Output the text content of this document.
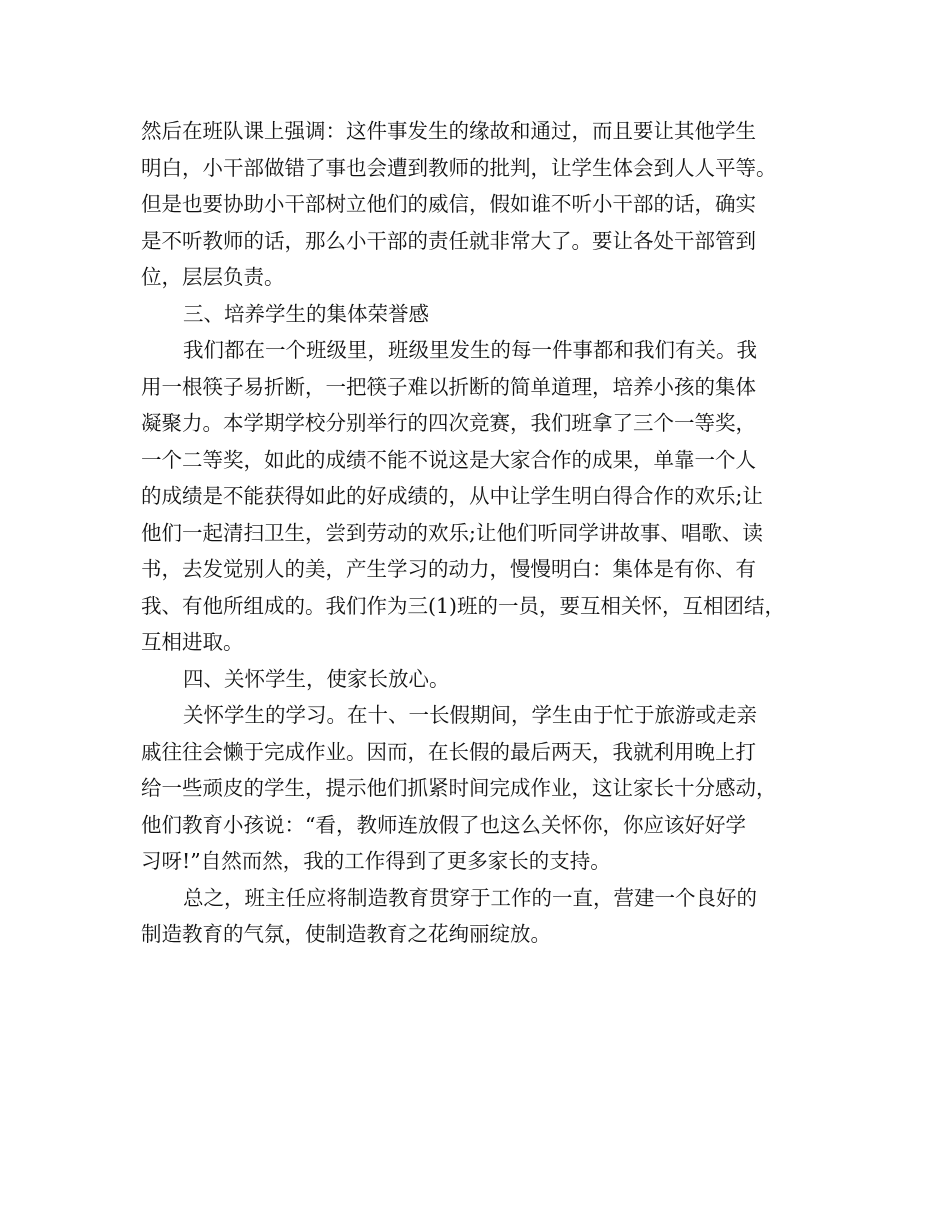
然后在班队课上强调：这件事发生的缘故和通过，而且要让其他学生
明白，小干部做错了事也会遭到教师的批判，让学生体会到人人平等。
但是也要协助小干部树立他们的威信，假如谁不听小干部的话，确实
是不听教师的话，那么小干部的责任就非常大了。要让各处干部管到
位，层层负责。
三、培养学生的集体荣誉感
我们都在一个班级里，班级里发生的每一件事都和我们有关。我
用一根筷子易折断，一把筷子难以折断的简单道理，培养小孩的集体
凝聚力。本学期学校分别举行的四次竞赛，我们班拿了三个一等奖，
一个二等奖，如此的成绩不能不说这是大家合作的成果，单靠一个人
的成绩是不能获得如此的好成绩的，从中让学生明白得合作的欢乐;让
他们一起清扫卫生，尝到劳动的欢乐;让他们听同学讲故事、唱歌、读
书，去发觉别人的美，产生学习的动力，慢慢明白：集体是有你、有
我、有他所组成的。我们作为三(1)班的一员，要互相关怀，互相团结，
互相进取。
四、关怀学生，使家长放心。
关怀学生的学习。在十、一长假期间，学生由于忙于旅游或走亲
戚往往会懒于完成作业。因而，在长假的最后两天，我就利用晚上打
给一些顽皮的学生，提示他们抓紧时间完成作业，这让家长十分感动，
他们教育小孩说：“看，教师连放假了也这么关怀你，你应该好好学
习呀!”自然而然，我的工作得到了更多家长的支持。
总之，班主任应将制造教育贯穿于工作的一直，营建一个良好的
制造教育的气氛，使制造教育之花绚丽绽放。
